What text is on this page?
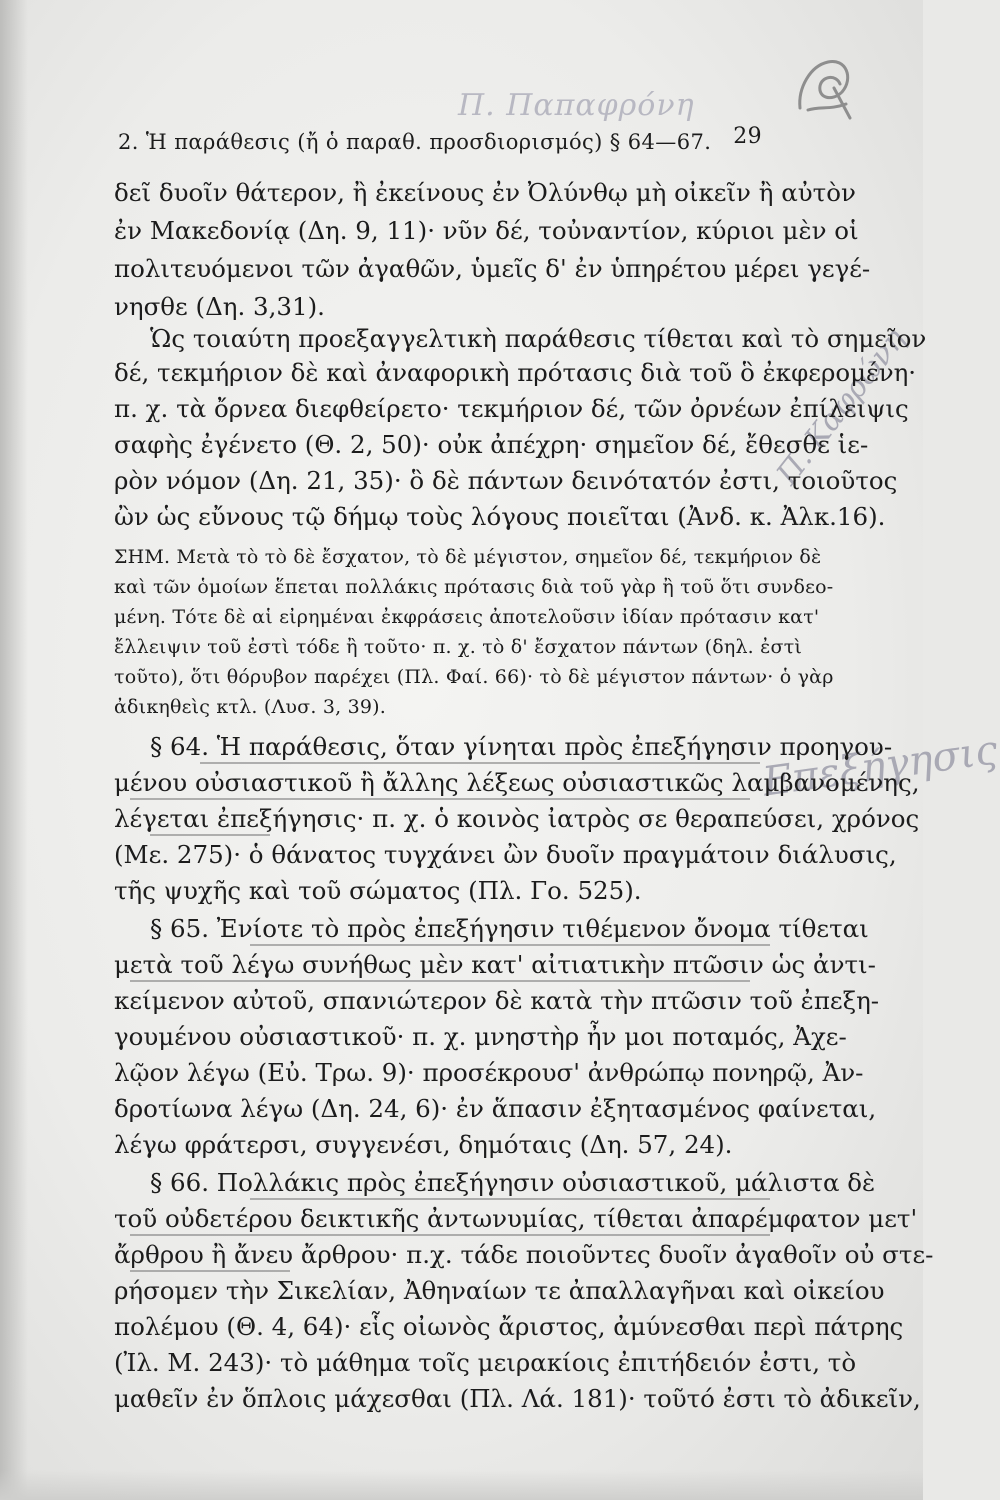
Π. Παπαφρόνη
2. Ἡ παράθεσις (ἤ ὁ παραθ. προσδιορισμός) § 64—67. 29
Π. Καφρώνη
Επεξήγησις
δεῖ δυοῖν θάτερον, ἢ ἐκείνους ἐν Ὀλύνθῳ μὴ οἰκεῖν ἢ αὐτὸν
ἐν Μακεδονίᾳ (Δη. 9, 11)· νῦν δέ, τοὐναντίον, κύριοι μὲν οἱ
πολιτευόμενοι τῶν ἀγαθῶν, ὑμεῖς δ' ἐν ὑπηρέτου μέρει γεγέ-
νησθε (Δη. 3,31).
Ὡς τοιαύτη προεξαγγελτικὴ παράθεσις τίθεται καὶ τὸ σημεῖον
δέ, τεκμήριον δὲ καὶ ἀναφορικὴ πρότασις διὰ τοῦ ὃ ἐκφερομένη·
π. χ. τὰ ὄρνεα διεφθείρετο· τεκμήριον δέ, τῶν ὀρνέων ἐπίλειψις
σαφὴς ἐγένετο (Θ. 2, 50)· οὐκ ἀπέχρη· σημεῖον δέ, ἔθεσθε ἱε-
ρὸν νόμον (Δη. 21, 35)· ὃ δὲ πάντων δεινότατόν ἐστι, τοιοῦτος
ὢν ὡς εὔνους τῷ δήμῳ τοὺς λόγους ποιεῖται (Ἀνδ. κ. Ἀλκ.16).
ΣΗΜ. Μετὰ τὸ τὸ δὲ ἔσχατον, τὸ δὲ μέγιστον, σημεῖον δέ, τεκμήριον δὲ
καὶ τῶν ὁμοίων ἕπεται πολλάκις πρότασις διὰ τοῦ γὰρ ἢ τοῦ ὅτι συνδεο-
μένη. Τότε δὲ αἱ εἰρημέναι ἐκφράσεις ἀποτελοῦσιν ἰδίαν πρότασιν κατ'
ἔλλειψιν τοῦ ἐστὶ τόδε ἢ τοῦτο· π. χ. τὸ δ' ἔσχατον πάντων (δηλ. ἐστὶ
τοῦτο), ὅτι θόρυβον παρέχει (Πλ. Φαί. 66)· τὸ δὲ μέγιστον πάντων· ὁ γὰρ
ἀδικηθεὶς κτλ. (Λυσ. 3, 39).
§ 64. Ἡ παράθεσις, ὅταν γίνηται πρὸς ἐπεξήγησιν προηγου-
μένου οὐσιαστικοῦ ἢ ἄλλης λέξεως οὐσιαστικῶς λαμβανομένης,
λέγεται ἐπεξήγησις· π. χ. ὁ κοινὸς ἰατρὸς σε θεραπεύσει, χρόνος
(Με. 275)· ὁ θάνατος τυγχάνει ὢν δυοῖν πραγμάτοιν διάλυσις,
τῆς ψυχῆς καὶ τοῦ σώματος (Πλ. Γο. 525).
§ 65. Ἐνίοτε τὸ πρὸς ἐπεξήγησιν τιθέμενον ὄνομα τίθεται
μετὰ τοῦ λέγω συνήθως μὲν κατ' αἰτιατικὴν πτῶσιν ὡς ἀντι-
κείμενον αὐτοῦ, σπανιώτερον δὲ κατὰ τὴν πτῶσιν τοῦ ἐπεξη-
γουμένου οὐσιαστικοῦ· π. χ. μνηστὴρ ἦν μοι ποταμός, Ἀχε-
λῷον λέγω (Εὐ. Τρω. 9)· προσέκρουσ' ἀνθρώπῳ πονηρῷ, Ἀν-
δροτίωνα λέγω (Δη. 24, 6)· ἐν ἅπασιν ἐξητασμένος φαίνεται,
λέγω φράτερσι, συγγενέσι, δημόταις (Δη. 57, 24).
§ 66. Πολλάκις πρὸς ἐπεξήγησιν οὐσιαστικοῦ, μάλιστα δὲ
τοῦ οὐδετέρου δεικτικῆς ἀντωνυμίας, τίθεται ἀπαρέμφατον μετ'
ἄρθρου ἢ ἄνευ ἄρθρου· π.χ. τάδε ποιοῦντες δυοῖν ἀγαθοῖν οὐ στε-
ρήσομεν τὴν Σικελίαν, Ἀθηναίων τε ἀπαλλαγῆναι καὶ οἰκείου
πολέμου (Θ. 4, 64)· εἷς οἰωνὸς ἄριστος, ἀμύνεσθαι περὶ πάτρης
(Ἰλ. Μ. 243)· τὸ μάθημα τοῖς μειρακίοις ἐπιτήδειόν ἐστι, τὸ
μαθεῖν ἐν ὅπλοις μάχεσθαι (Πλ. Λά. 181)· τοῦτό ἐστι τὸ ἀδικεῖν,
